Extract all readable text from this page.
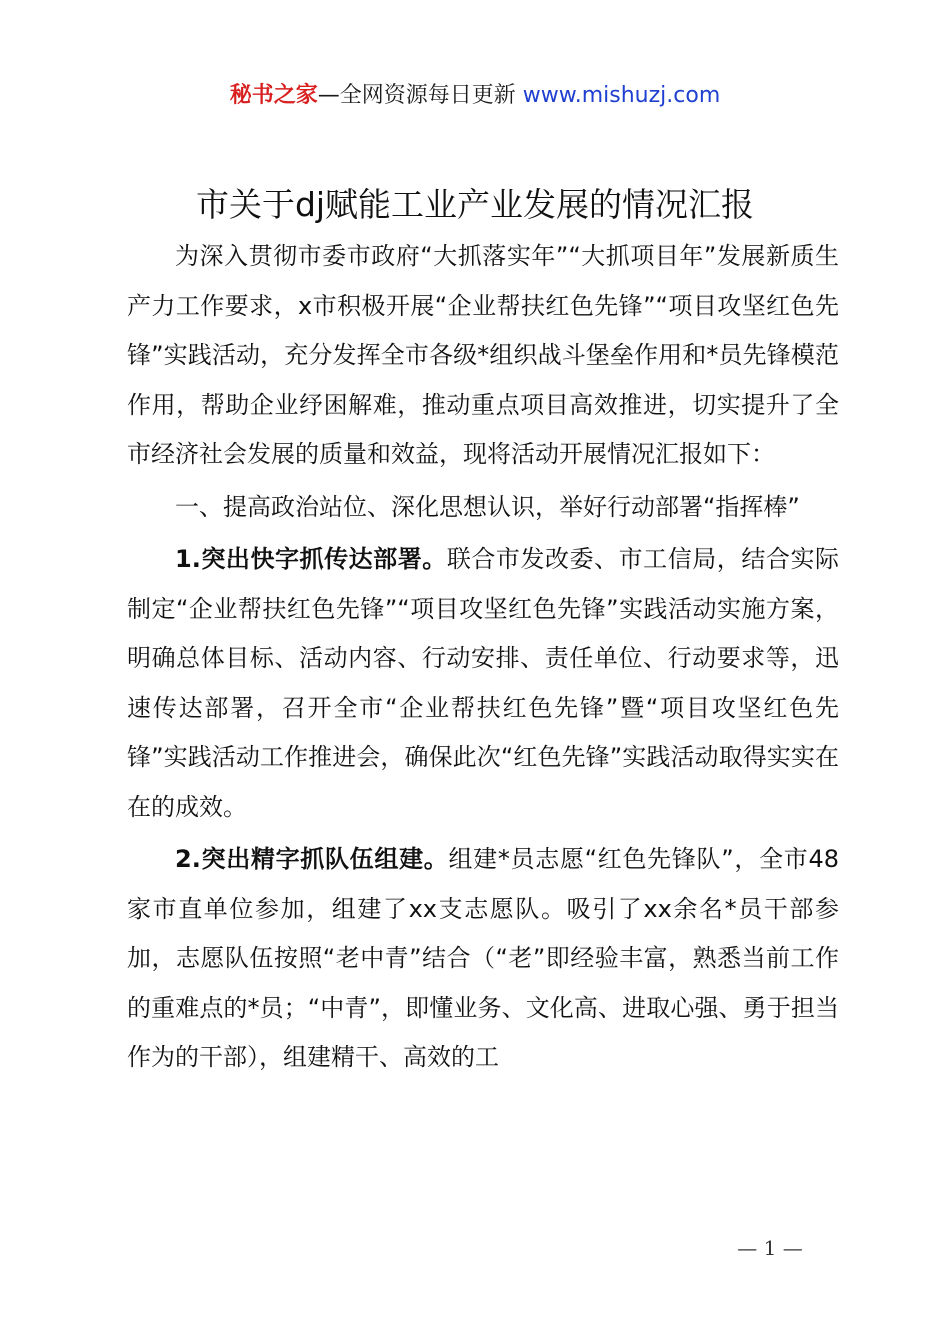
秘书之家—全网资源每日更新 www.mishuzj.com
市关于dj赋能工业产业发展的情况汇报

为深入贯彻市委市政府“大抓落实年”“大抓项目年”发展新质生产力工作要求，x市积极开展“企业帮扶红色先锋”“项目攻坚红色先锋”实践活动，充分发挥全市各级*组织战斗堡垒作用和*员先锋模范作用，帮助企业纾困解难，推动重点项目高效推进，切实提升了全市经济社会发展的质量和效益，现将活动开展情况汇报如下：

一、提高政治站位、深化思想认识，举好行动部署“指挥棒”

1.突出快字抓传达部署。联合市发改委、市工信局，结合实际制定“企业帮扶红色先锋”“项目攻坚红色先锋”实践活动实施方案，明确总体目标、活动内容、行动安排、责任单位、行动要求等，迅速传达部署，召开全市“企业帮扶红色先锋”暨“项目攻坚红色先锋”实践活动工作推进会，确保此次“红色先锋”实践活动取得实实在在的成效。

2.突出精字抓队伍组建。组建*员志愿“红色先锋队”，全市48家市直单位参加，组建了xx支志愿队。吸引了xx余名*员干部参加，志愿队伍按照“老中青”结合（“老”即经验丰富，熟悉当前工作的重难点的*员；“中青”，即懂业务、文化高、进取心强、勇于担当作为的干部），组建精干、高效的工

— 1 —
